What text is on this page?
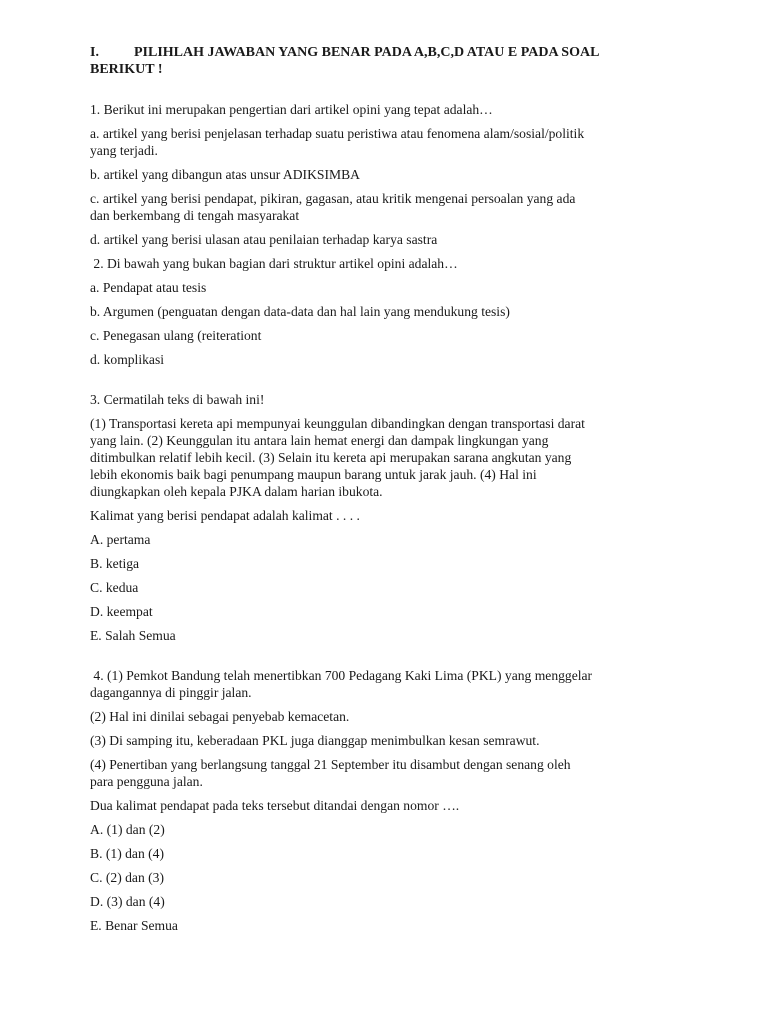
I.	PILIHLAH JAWABAN YANG BENAR PADA A,B,C,D ATAU E PADA SOAL
BERIKUT !

1. Berikut ini merupakan pengertian dari artikel opini yang tepat adalah…

a. artikel yang berisi penjelasan terhadap suatu peristiwa atau fenomena alam/sosial/politik
yang terjadi.

b. artikel yang dibangun atas unsur ADIKSIMBA

c. artikel yang berisi pendapat, pikiran, gagasan, atau kritik mengenai persoalan yang ada
dan berkembang di tengah masyarakat

d. artikel yang berisi ulasan atau penilaian terhadap karya sastra

2. Di bawah yang bukan bagian dari struktur artikel opini adalah…

a. Pendapat atau tesis

b. Argumen (penguatan dengan data-data dan hal lain yang mendukung tesis)

c. Penegasan ulang (reiterationt

d. komplikasi

3. Cermatilah teks di bawah ini!

(1) Transportasi kereta api mempunyai keunggulan dibandingkan dengan transportasi darat
yang lain. (2) Keunggulan itu antara lain hemat energi dan dampak lingkungan yang
ditimbulkan relatif lebih kecil. (3) Selain itu kereta api merupakan sarana angkutan yang
lebih ekonomis baik bagi penumpang maupun barang untuk jarak jauh. (4) Hal ini
diungkapkan oleh kepala PJKA dalam harian ibukota.

Kalimat yang berisi pendapat adalah kalimat . . . .

A. pertama

B. ketiga

C. kedua

D. keempat

E. Salah Semua

4. (1) Pemkot Bandung telah menertibkan 700 Pedagang Kaki Lima (PKL) yang menggelar
dagangannya di pinggir jalan.

(2) Hal ini dinilai sebagai penyebab kemacetan.

(3) Di samping itu, keberadaan PKL juga dianggap menimbulkan kesan semrawut.

(4) Penertiban yang berlangsung tanggal 21 September itu disambut dengan senang oleh
para pengguna jalan.

Dua kalimat pendapat pada teks tersebut ditandai dengan nomor ….

A. (1) dan (2)

B. (1) dan (4)

C. (2) dan (3)

D. (3) dan (4)

E. Benar Semua
